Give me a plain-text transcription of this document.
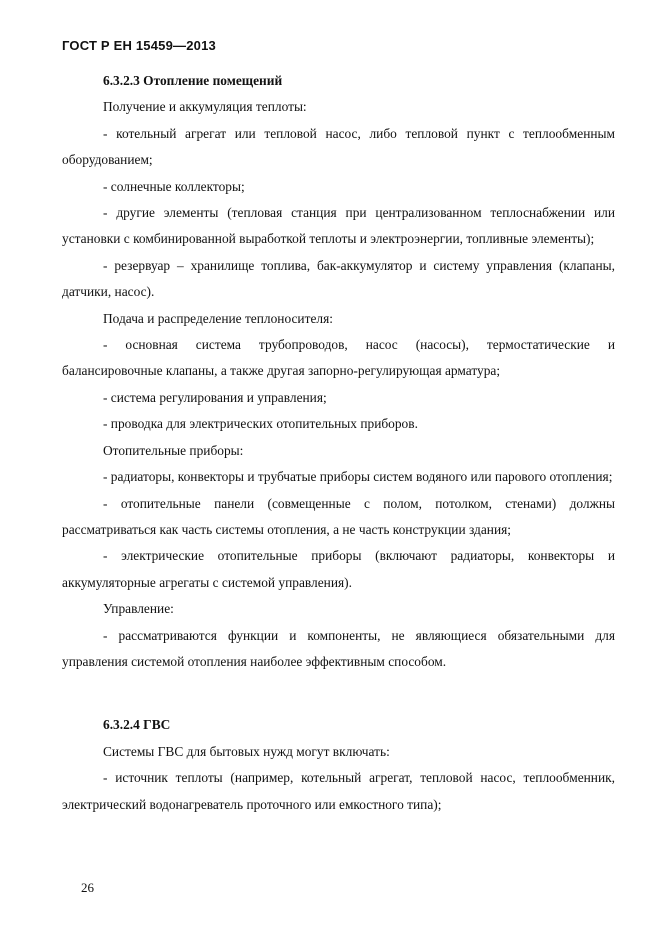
ГОСТ Р ЕН 15459—2013

6.3.2.3 Отопление помещений

Получение и аккумуляция теплоты:

- котельный агрегат или тепловой насос, либо тепловой пункт с теплообменным оборудованием;

- солнечные коллекторы;

- другие элементы (тепловая станция при централизованном теплоснабжении или установки с комбинированной выработкой теплоты и электроэнергии, топливные элементы);

- резервуар – хранилище топлива, бак-аккумулятор и систему управления (клапаны, датчики, насос).

Подача и распределение теплоносителя:

- основная система трубопроводов, насос (насосы), термостатические и балансировочные клапаны, а также другая запорно-регулирующая арматура;

- система регулирования и управления;

- проводка для электрических отопительных приборов.

Отопительные приборы:

- радиаторы, конвекторы и трубчатые приборы систем водяного или парового отопления;

- отопительные панели (совмещенные с полом, потолком, стенами) должны рассматриваться как часть системы отопления, а не часть конструкции здания;

- электрические отопительные приборы (включают радиаторы, конвекторы и аккумуляторные агрегаты с системой управления).

Управление:

- рассматриваются функции и компоненты, не являющиеся обязательными для управления системой отопления наиболее эффективным способом.

6.3.2.4 ГВС

Системы ГВС для бытовых нужд могут включать:

- источник теплоты (например, котельный агрегат, тепловой насос, теплообменник, электрический водонагреватель проточного или емкостного типа);

26
